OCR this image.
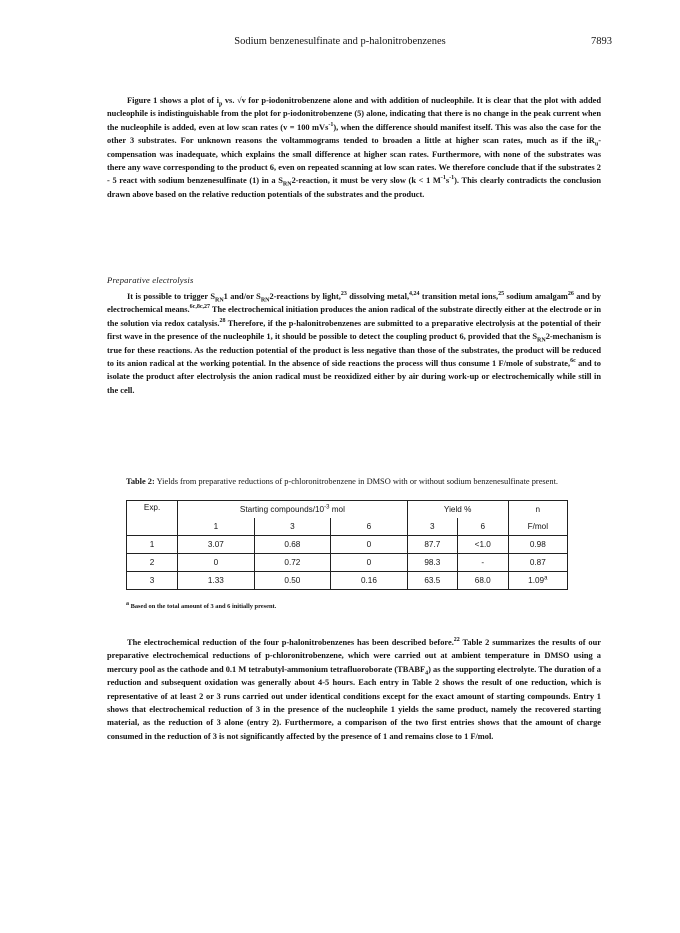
Sodium benzenesulfinate and p-halonitrobenzenes	7893

Figure 1 shows a plot of $i_p$ vs. √v for p-iodonitrobenzene alone and with addition of nucleophile. It is clear that the plot with added nucleophile is indistinguishable from the plot for p-iodonitrobenzene (5) alone, indicating that there is no change in the peak current when the nucleophile is added, even at low scan rates (v = 100 mVs$^{-1}$), when the difference should manifest itself. This was also the case for the other 3 substrates. For unknown reasons the voltammograms tended to broaden a little at higher scan rates, much as if the $iR_u$-compensation was inadequate, which explains the small difference at higher scan rates. Furthermore, with none of the substrates was there any wave corresponding to the product 6, even on repeated scanning at low scan rates. We therefore conclude that if the substrates 2 - 5 react with sodium benzenesulfinate (1) in a $S_{RN}2$-reaction, it must be very slow (k < 1 $M^{-1}s^{-1}$). This clearly contradicts the conclusion drawn above based on the relative reduction potentials of the substrates and the product.

Preparative electrolysis

It is possible to trigger $S_{RN}1$ and/or $S_{RN}2$-reactions by light,$^{23}$ dissolving metal,$^{4,24}$ transition metal ions,$^{25}$ sodium amalgam$^{26}$ and by electrochemical means.$^{6c,8c,27}$ The electrochemical initiation produces the anion radical of the substrate directly either at the electrode or in the solution via redox catalysis.$^{28}$ Therefore, if the p-halonitrobenzenes are submitted to a preparative electrolysis at the potential of their first wave in the presence of the nucleophile 1, it should be possible to detect the coupling product 6, provided that the $S_{RN}2$-mechanism is true for these reactions. As the reduction potential of the product is less negative than those of the substrates, the product will be reduced to its anion radical at the working potential. In the absence of side reactions the process will thus consume 1 F/mole of substrate,$^{6c}$ and to isolate the product after electrolysis the anion radical must be reoxidized either by air during work-up or electrochemically while still in the cell.

Table 2: Yields from preparative reductions of p-chloronitrobenzene in DMSO with or without sodium benzenesulfinate present.
Exp.	Starting compounds/$10^{-3}$ mol			Yield %		n
	1	3	6	3	6	F/mol
1	3.07	0.68	0	87.7	<1.0	0.98
2	0	0.72	0	98.3	-	0.87
3	1.33	0.50	0.16	63.5	68.0	1.09$^a$
$^a$ Based on the total amount of 3 and 6 initially present.

The electrochemical reduction of the four p-halonitrobenzenes has been described before.$^{22}$ Table 2 summarizes the results of our preparative electrochemical reductions of p-chloronitrobenzene, which were carried out at ambient temperature in DMSO using a mercury pool as the cathode and 0.1 M tetrabutyl-ammonium tetrafluoroborate $(TBABF_4)$ as the supporting electrolyte. The duration of a reduction and subsequent oxidation was generally about 4-5 hours. Each entry in Table 2 shows the result of one reduction, which is representative of at least 2 or 3 runs carried out under identical conditions except for the exact amount of starting compounds. Entry 1 shows that electrochemical reduction of 3 in the presence of the nucleophile 1 yields the same product, namely the recovered starting material, as the reduction of 3 alone (entry 2). Furthermore, a comparison of the two first entries shows that the amount of charge consumed in the reduction of 3 is not significantly affected by the presence of 1 and remains close to 1 F/mol.
